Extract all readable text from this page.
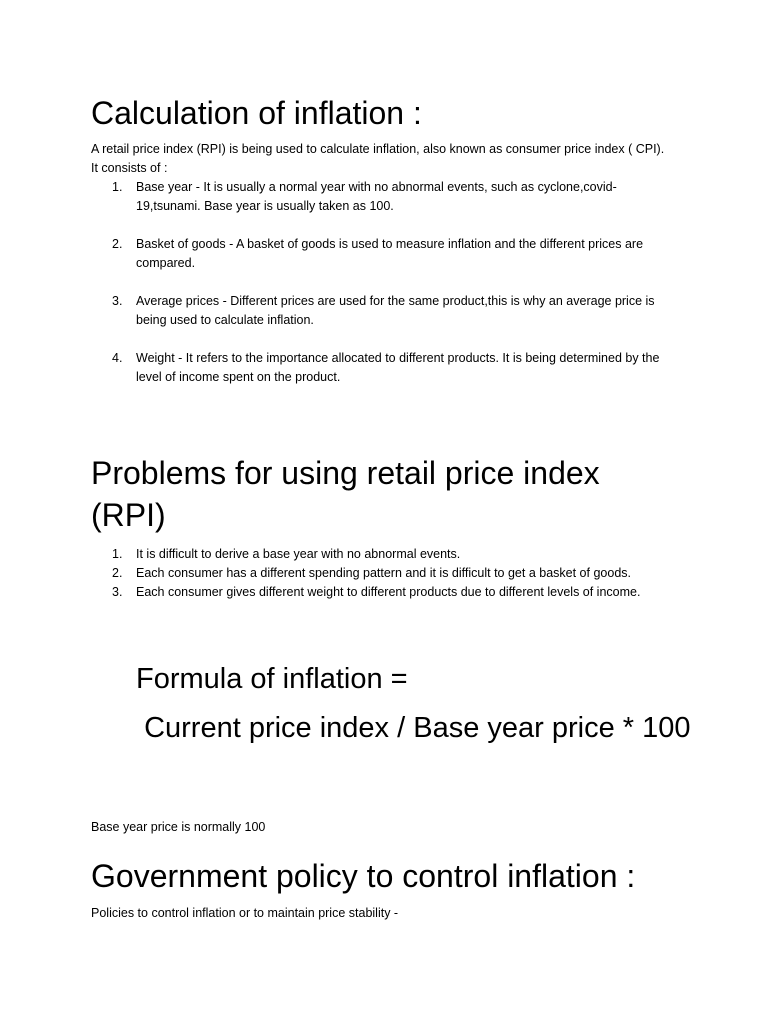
Calculation of inflation :

A retail price index (RPI) is being used to calculate inflation, also known as consumer price index ( CPI). It consists of :

1. Base year - It is usually a normal year with no abnormal events, such as cyclone,covid-19,tsunami. Base year is usually taken as 100.
2. Basket of goods - A basket of goods is used to measure inflation and the different prices are compared.
3. Average prices - Different prices are used for the same product,this is why an average price is being used to calculate inflation.
4. Weight - It refers to the importance allocated to different products. It is being determined by the level of income spent on the product.
Problems for using retail price index (RPI)
1. It is difficult to derive a base year with no abnormal events.
2. Each consumer has a different spending pattern and it is difficult to get a basket of goods.
3. Each consumer gives different weight to different products due to different levels of income.

Formula of inflation =

Current price index / Base year price * 100

Base year price is normally 100

Government policy to control inflation :

Policies to control inflation or to maintain price stability -
